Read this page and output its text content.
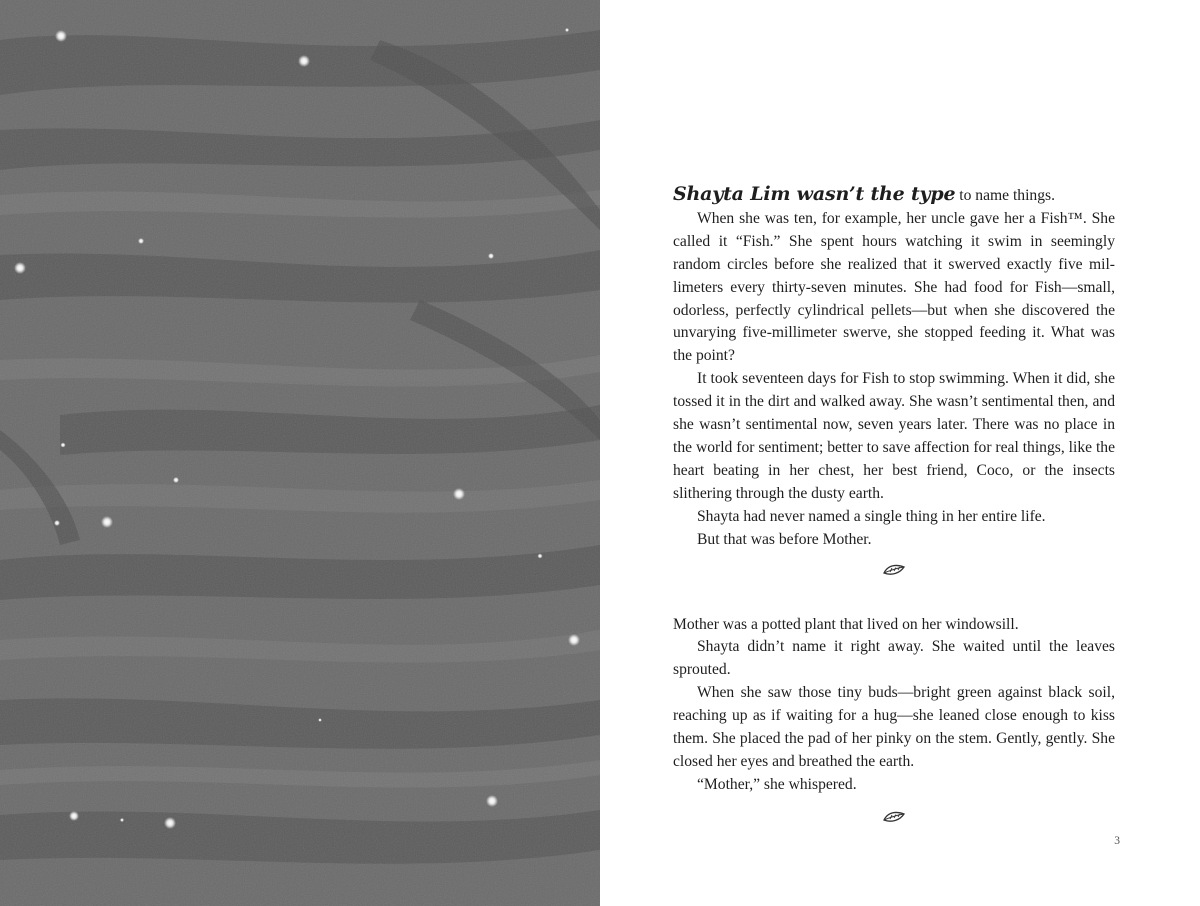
Shayta Lim wasn’t the type to name things.

When she was ten, for example, her uncle gave her a Fish™. She called it “Fish.” She spent hours watching it swim in seemingly random circles before she realized that it swerved exactly five millimeters every thirty-seven minutes. She had food for Fish—small, odorless, perfectly cylindrical pellets—but when she discovered the unvarying five-millimeter swerve, she stopped feeding it. What was the point?

It took seventeen days for Fish to stop swimming. When it did, she tossed it in the dirt and walked away. She wasn’t sentimental then, and she wasn’t sentimental now, seven years later. There was no place in the world for sentiment; better to save affection for real things, like the heart beating in her chest, her best friend, Coco, or the insects slithering through the dusty earth.

Shayta had never named a single thing in her entire life.

But that was before Mother.

Mother was a potted plant that lived on her windowsill.

Shayta didn’t name it right away. She waited until the leaves sprouted.

When she saw those tiny buds—bright green against black soil, reaching up as if waiting for a hug—she leaned close enough to kiss them. She placed the pad of her pinky on the stem. Gently, gently. She closed her eyes and breathed the earth.

“Mother,” she whispered.

3
